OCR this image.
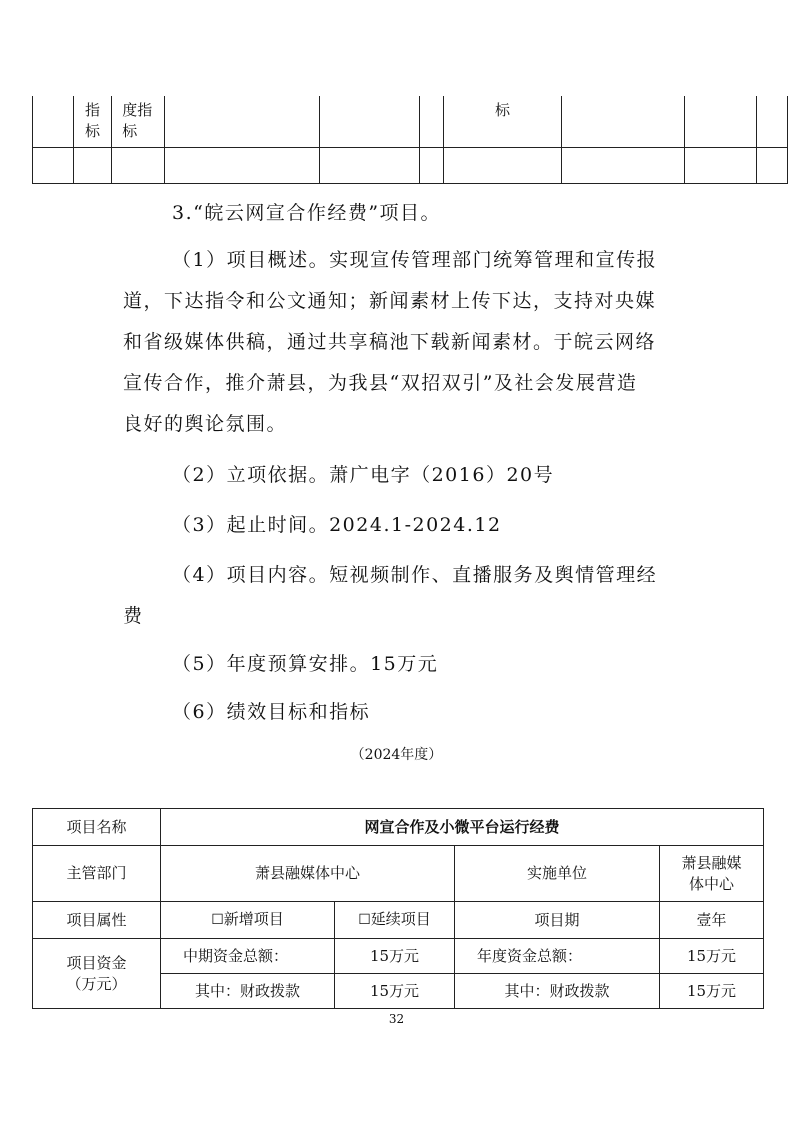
	指标	度指标				标			

3.“皖云网宣合作经费”项目。
（1）项目概述。实现宣传管理部门统筹管理和宣传报
道，下达指令和公文通知；新闻素材上传下达，支持对央媒
和省级媒体供稿，通过共享稿池下载新闻素材。于皖云网络
宣传合作，推介萧县，为我县“双招双引”及社会发展营造
良好的舆论氛围。
（2）立项依据。萧广电字（2016）20号
（3）起止时间。2024.1-2024.12
（4）项目内容。短视频制作、直播服务及舆情管理经
费
（5）年度预算安排。15万元
（6）绩效目标和指标
（2024年度）
项目名称	网宣合作及小微平台运行经费			
主管部门	萧县融媒体中心		实施单位	萧县融媒体中心

项目属性	☐新增项目	☐延续项目	项目期	壹年

项目资金（万元）	中期资金总额：	15万元	年度资金总额：	15万元
	其中：财政拨款	15万元	其中：财政拨款	15万元
32
